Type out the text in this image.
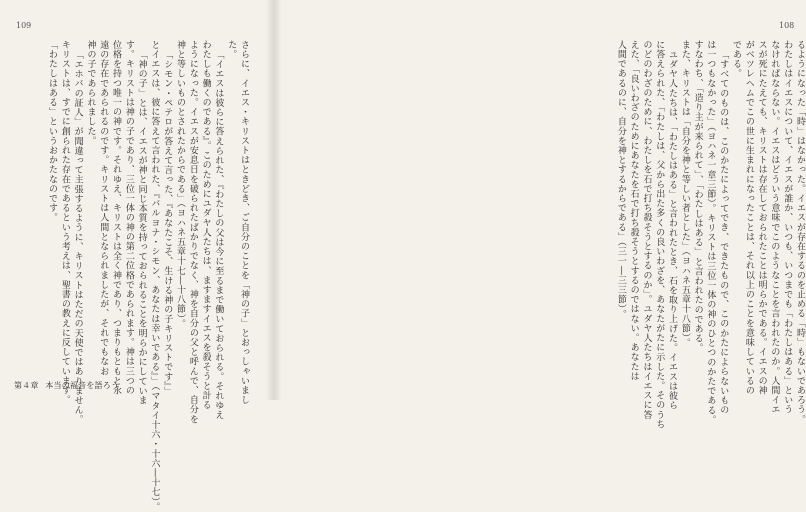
109
さらに、イエス・キリストはときどき、ご自分のことを「神の子」とおっしゃいまし
た。
「イエスは彼らに答えられた、『わたしの父は今に至るまで働いておられる。それゆえ
わたしも働くのである』。このためにユダヤ人たちは、ますますイエスを殺そうと計る
ようになった。イエスが安息日を破られたばかりでなく、神を自分の父と呼んで、自分を
神と等しいものとされたからである」（ヨハネ五章十七―十八節）。
「シモン・ペテロが答えて言った、『あなたこそ、生ける神の子キリストです』」
とイエスは、彼に答えて言われた、『バルヨナ・シモン、あなたは幸いである』」（マタイ十六・十六―十七）。
「神の子」とは、イエスが神と同じ本質を持っておられることを明らかにしていま
す。キリストは神の子であり、三位一体の神の第二位格であられます。神は三つの
位格を持つ唯一の神です。それゆえ、キリストは全く神であり、つまりもともと永
遠の存在であられるのです。キリストは人間となられましたが、それでもなお
神の子であられました。
「エホバの証人」が聞違って主張するように、キリストはただの天使ではありません。
キリストは、すでに創られた存在であるという考えは、聖書の教えに反しています。
「わたしはある」というおかたなのです。
第４章 本当の福音を語ろう
108
るようになった「時」はなかった。イエスが存在するのを止める「時」もないであろう。
わたしはイエスについて、イエスが誰か、いつも、いつまでも「わたしはある」という
なければならない。イエスはどういう意味でこのようなことを言われたのか。人間イエ
スが死にたえても、キリストは存在しておられたことは明らかである。イエスの神
がベツレヘムでこの世に生まれになったことは、それ以上のことを意味しているの
である。
「すべてのものは、このかたによってでき、できたもので、このかたによらないもの
は一つもなかった」（ヨハネ一章三節）。キリストは三位一体の神のひとつのかたである。
すなわち、「造り主が来られて」、「わたしはある」と言われたのである。
また、キリストは「自分を神と等しい者とした」（ヨハネ五章十八節）。
ユダヤ人たちは、「わたしはある」と言われたとき、石を取り上げた。イエスは彼ら
に答えられた、「わたしは、父から出た多くの良いわざを、あなたがたに示した。そのうち
のどのわざのために、わたしを石で打ち殺そうとするのか」。ユダヤ人たちはイエスに答
えた、「良いわざのためにあなたを石で打ち殺そうとするのではない。あなたは
人間であるのに、自分を神とするからである」（三一―三三節）。
